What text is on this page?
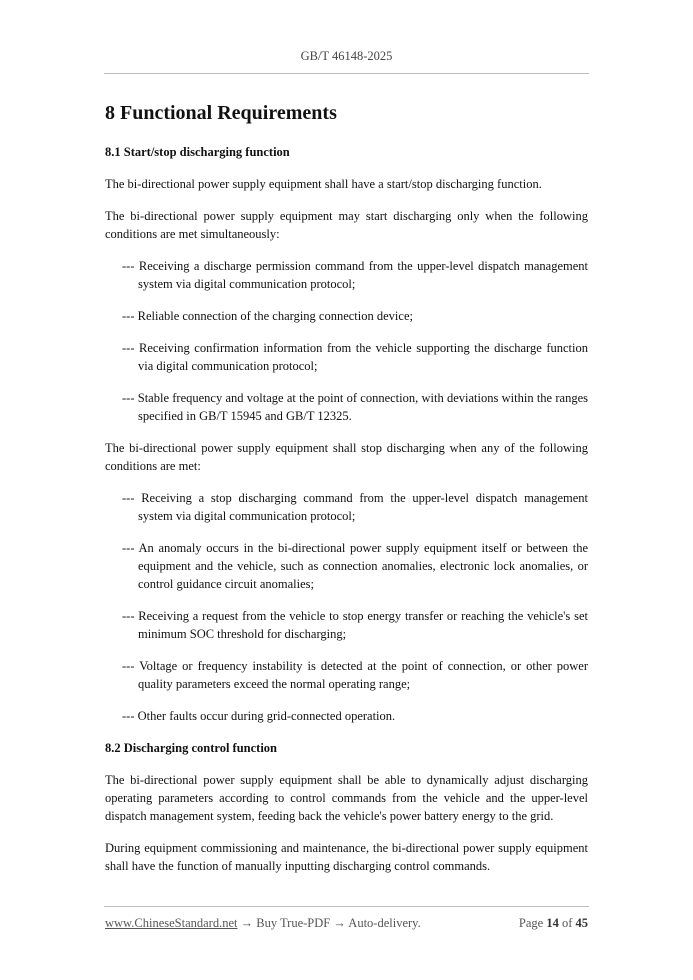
GB/T 46148-2025
8 Functional Requirements
8.1 Start/stop discharging function

The bi-directional power supply equipment shall have a start/stop discharging function.

The bi-directional power supply equipment may start discharging only when the following conditions are met simultaneously:

--- Receiving a discharge permission command from the upper-level dispatch management system via digital communication protocol;
--- Reliable connection of the charging connection device;
--- Receiving confirmation information from the vehicle supporting the discharge function via digital communication protocol;
--- Stable frequency and voltage at the point of connection, with deviations within the ranges specified in GB/T 15945 and GB/T 12325.

The bi-directional power supply equipment shall stop discharging when any of the following conditions are met:

--- Receiving a stop discharging command from the upper-level dispatch management system via digital communication protocol;
--- An anomaly occurs in the bi-directional power supply equipment itself or between the equipment and the vehicle, such as connection anomalies, electronic lock anomalies, or control guidance circuit anomalies;
--- Receiving a request from the vehicle to stop energy transfer or reaching the vehicle's set minimum SOC threshold for discharging;
--- Voltage or frequency instability is detected at the point of connection, or other power quality parameters exceed the normal operating range;
--- Other faults occur during grid-connected operation.
8.2 Discharging control function

The bi-directional power supply equipment shall be able to dynamically adjust discharging operating parameters according to control commands from the vehicle and the upper-level dispatch management system, feeding back the vehicle's power battery energy to the grid.

During equipment commissioning and maintenance, the bi-directional power supply equipment shall have the function of manually inputting discharging control commands.

www.ChineseStandard.net → Buy True-PDF → Auto-delivery.	Page 14 of 45
